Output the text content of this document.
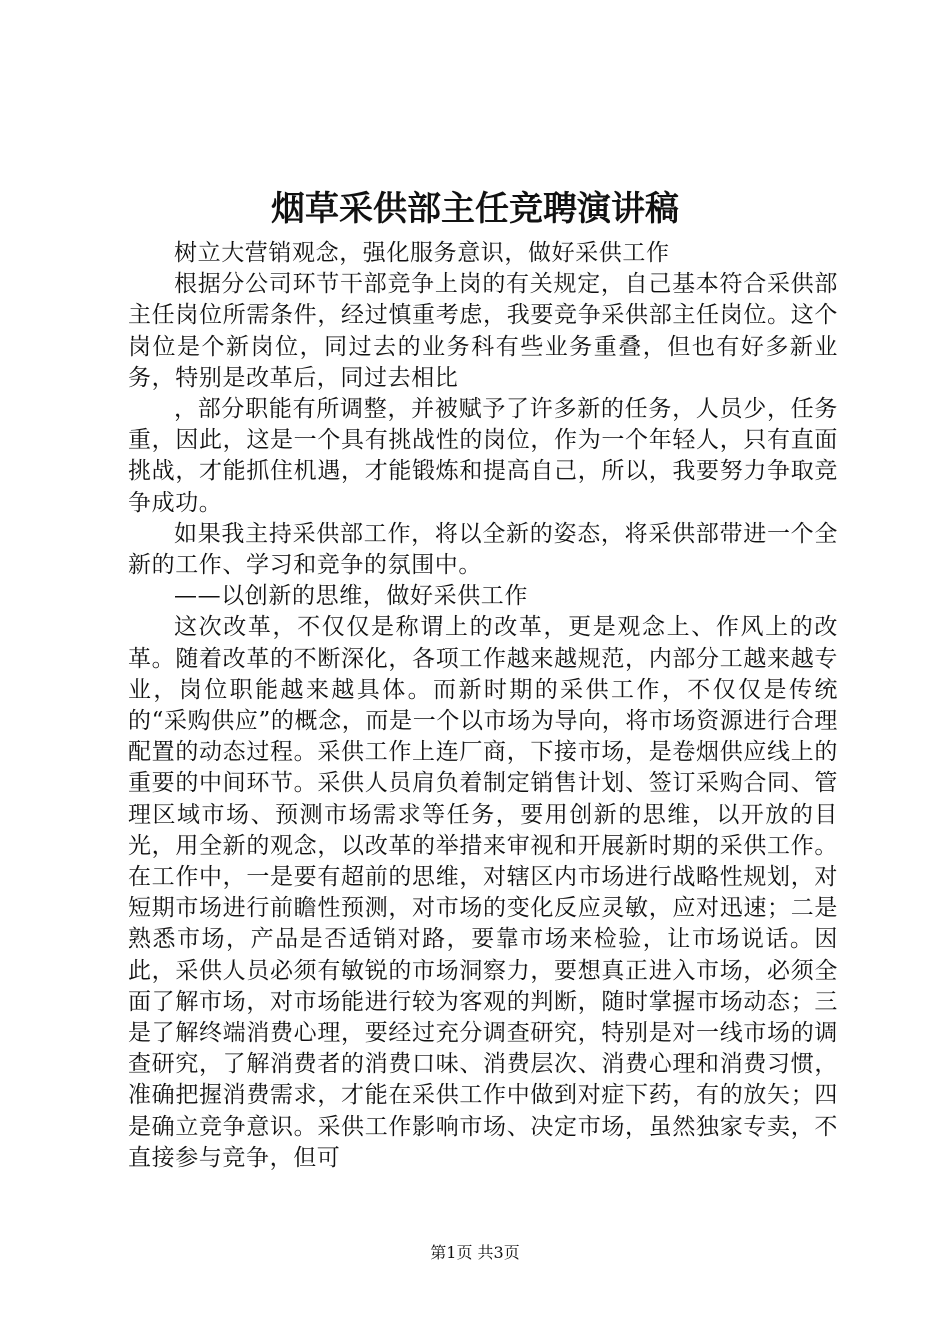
烟草采供部主任竞聘演讲稿

树立大营销观念，强化服务意识，做好采供工作

根据分公司环节干部竞争上岗的有关规定，自己基本符合采供部主任岗位所需条件，经过慎重考虑，我要竞争采供部主任岗位。这个岗位是个新岗位，同过去的业务科有些业务重叠，但也有好多新业务，特别是改革后，同过去相比

，部分职能有所调整，并被赋予了许多新的任务，人员少，任务重，因此，这是一个具有挑战性的岗位，作为一个年轻人，只有直面挑战，才能抓住机遇，才能锻炼和提高自己，所以，我要努力争取竞争成功。

如果我主持采供部工作，将以全新的姿态，将采供部带进一个全新的工作、学习和竞争的氛围中。

——以创新的思维，做好采供工作

这次改革，不仅仅是称谓上的改革，更是观念上、作风上的改革。随着改革的不断深化，各项工作越来越规范，内部分工越来越专业，岗位职能越来越具体。而新时期的采供工作，不仅仅是传统的“采购供应”的概念，而是一个以市场为导向，将市场资源进行合理配置的动态过程。采供工作上连厂商，下接市场，是卷烟供应线上的重要的中间环节。采供人员肩负着制定销售计划、签订采购合同、管理区域市场、预测市场需求等任务，要用创新的思维，以开放的目光，用全新的观念，以改革的举措来审视和开展新时期的采供工作。在工作中，一是要有超前的思维，对辖区内市场进行战略性规划，对短期市场进行前瞻性预测，对市场的变化反应灵敏，应对迅速；二是熟悉市场，产品是否适销对路，要靠市场来检验，让市场说话。因此，采供人员必须有敏锐的市场洞察力，要想真正进入市场，必须全面了解市场，对市场能进行较为客观的判断，随时掌握市场动态；三是了解终端消费心理，要经过充分调查研究，特别是对一线市场的调查研究，了解消费者的消费口味、消费层次、消费心理和消费习惯，准确把握消费需求，才能在采供工作中做到对症下药，有的放矢；四是确立竞争意识。采供工作影响市场、决定市场，虽然独家专卖，不直接参与竞争，但可

第1页 共3页
